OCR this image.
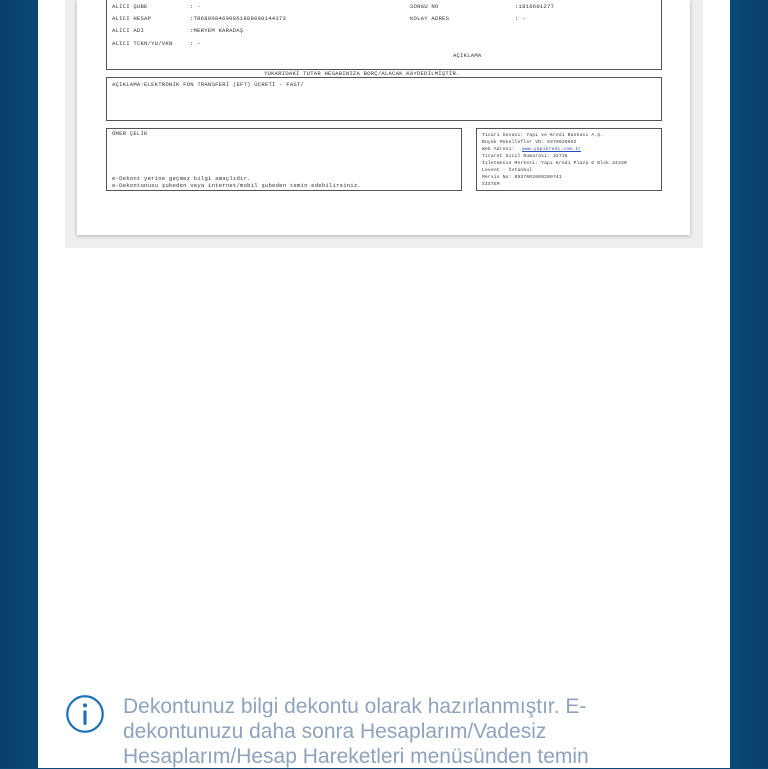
ALICI ŞUBE	: -	SORGU NO	:1816601277
ALICI HESAP	:TR680004600061888000144373	KOLAY ADRES	: -
ALICI ADI	:MERYEM KARADAŞ
ALICI TCKN/YU/VKN	: -
AÇIKLAMA
YUKARIDAKİ TUTAR HESABINIZA BORÇ/ALACAK KAYDEDİLMİŞTİR.
AÇIKLAMA:ELEKTRONİK FON TRANSFERİ (EFT) ÜCRETİ - FAST/
ÖMER ÇELİK
e-Dekont yerine geçmez bilgi amaçlıdır.
e-Dekontunuzu şubeden veya internet/mobil şubeden temin edebilirsiniz.
Ticari Ünvanı: Yapı ve Kredi Bankası A.Ş.
Büyük Mükellefler VD: 9370020892
Web Adresi: www.yapikredi.com.tr
Ticaret Sicil Numarası: 32736
İşletmenin Merkezi: Yapı Kredi Plaza D Blok 34330
Levent - İstanbul
Mersis No: 0937002089200741
SİSTEM
Dekontunuz bilgi dekontu olarak hazırlanmıştır. E-dekontunuzu daha sonra Hesaplarım/Vadesiz Hesaplarım/Hesap Hareketleri menüsünden temin
